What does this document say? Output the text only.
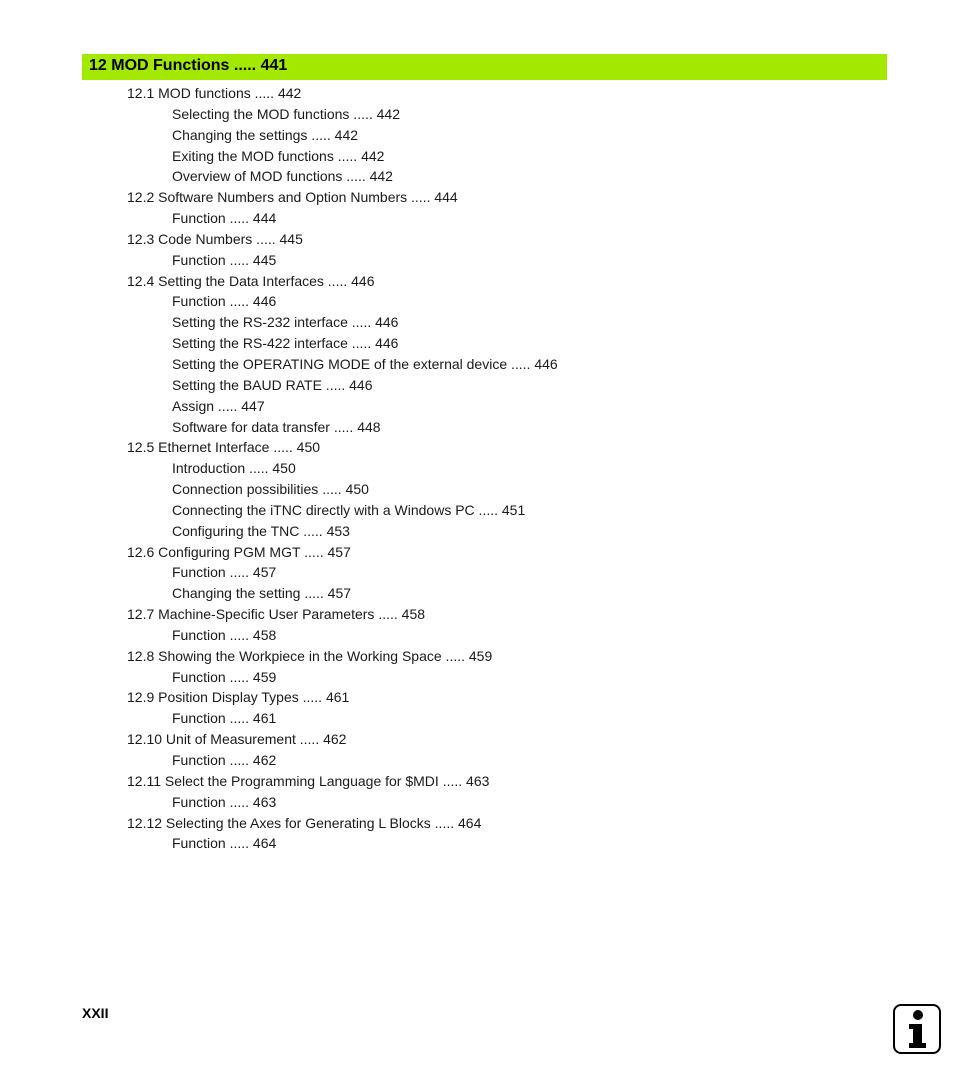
12 MOD Functions ..... 441
12.1 MOD functions ..... 442
Selecting the MOD functions ..... 442
Changing the settings ..... 442
Exiting the MOD functions ..... 442
Overview of MOD functions ..... 442
12.2 Software Numbers and Option Numbers ..... 444
Function ..... 444
12.3 Code Numbers ..... 445
Function ..... 445
12.4 Setting the Data Interfaces ..... 446
Function ..... 446
Setting the RS-232 interface ..... 446
Setting the RS-422 interface ..... 446
Setting the OPERATING MODE of the external device ..... 446
Setting the BAUD RATE ..... 446
Assign ..... 447
Software for data transfer ..... 448
12.5 Ethernet Interface ..... 450
Introduction ..... 450
Connection possibilities ..... 450
Connecting the iTNC directly with a Windows PC ..... 451
Configuring the TNC ..... 453
12.6 Configuring PGM MGT ..... 457
Function ..... 457
Changing the setting ..... 457
12.7 Machine-Specific User Parameters ..... 458
Function ..... 458
12.8 Showing the Workpiece in the Working Space ..... 459
Function ..... 459
12.9 Position Display Types ..... 461
Function ..... 461
12.10 Unit of Measurement ..... 462
Function ..... 462
12.11 Select the Programming Language for $MDI ..... 463
Function ..... 463
12.12 Selecting the Axes for Generating L Blocks ..... 464
Function ..... 464
XXII
